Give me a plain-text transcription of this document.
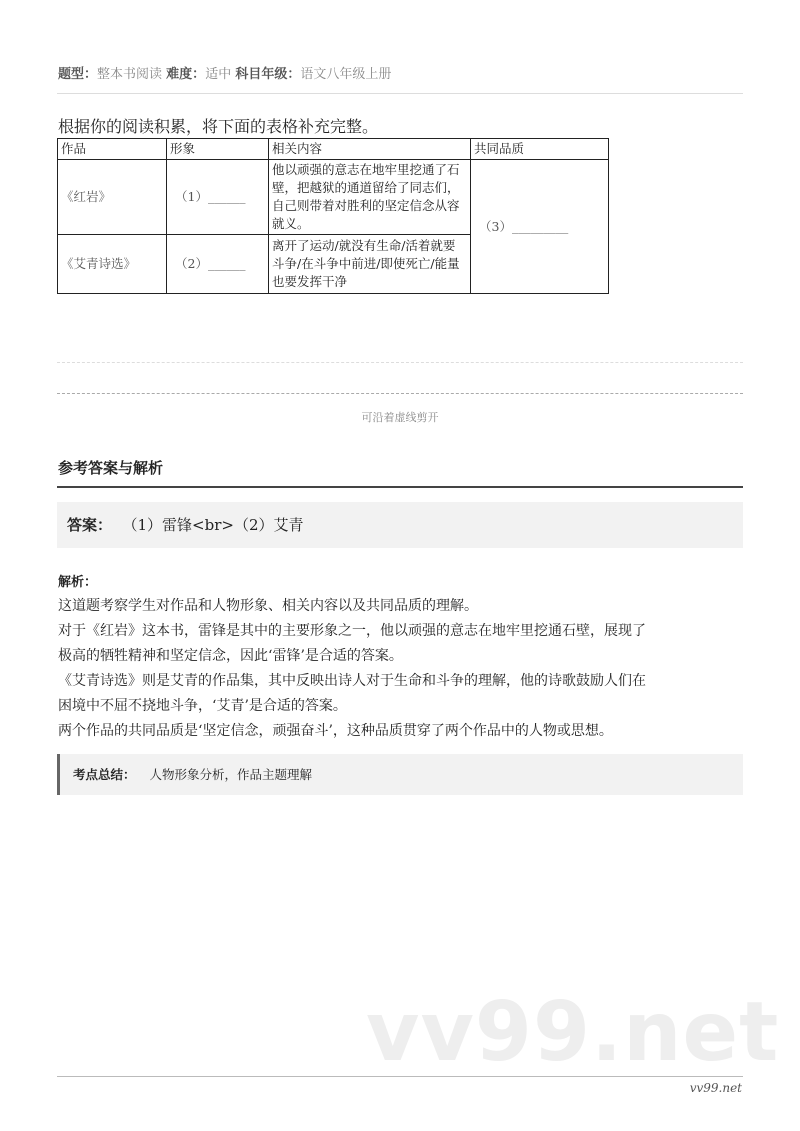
题型：整本书阅读 难度：适中 科目年级：语文八年级上册
根据你的阅读积累，将下面的表格补充完整。
作品	形象	相关内容	共同品质
《红岩》	（1）______	他以顽强的意志在地牢里挖通了石壁，把越狱的通道留给了同志们，自己则带着对胜利的坚定信念从容就义。	（3）_________
《艾青诗选》	（2）______	离开了运动/就没有生命/活着就要斗争/在斗争中前进/即使死亡/能量也要发挥干净	
可沿着虚线剪开
参考答案与解析
答案： （1）雷锋<br>（2）艾青
解析：
这道题考察学生对作品和人物形象、相关内容以及共同品质的理解。
对于《红岩》这本书，雷锋是其中的主要形象之一，他以顽强的意志在地牢里挖通石壁，展现了
极高的牺牲精神和坚定信念，因此‘雷锋’是合适的答案。
《艾青诗选》则是艾青的作品集，其中反映出诗人对于生命和斗争的理解，他的诗歌鼓励人们在
困境中不屈不挠地斗争，‘艾青’是合适的答案。
两个作品的共同品质是‘坚定信念，顽强奋斗’，这种品质贯穿了两个作品中的人物或思想。
考点总结： 人物形象分析，作品主题理解
vv99.net
vv99.net
